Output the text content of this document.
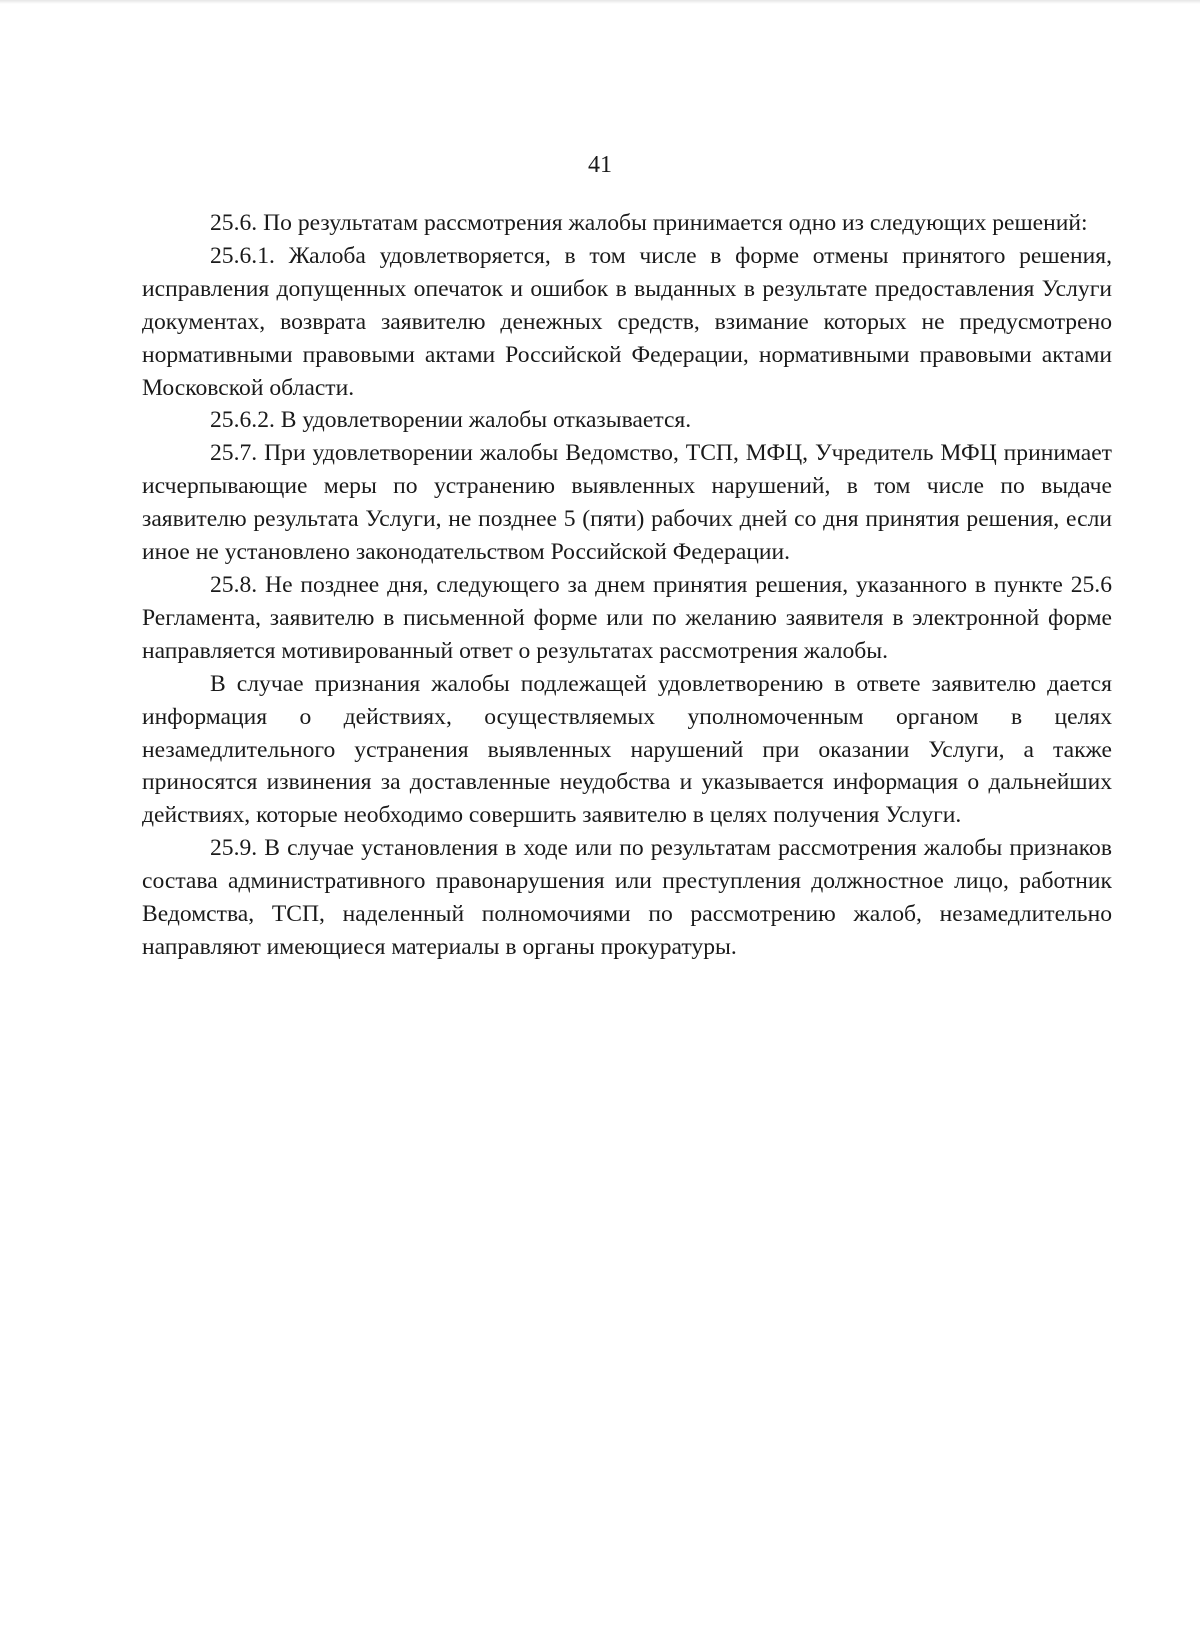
41

25.6. По результатам рассмотрения жалобы принимается одно из следующих решений:

25.6.1. Жалоба удовлетворяется, в том числе в форме отмены принятого решения, исправления допущенных опечаток и ошибок в выданных в результате предоставления Услуги документах, возврата заявителю денежных средств, взимание которых не предусмотрено нормативными правовыми актами Российской Федерации, нормативными правовыми актами Московской области.

25.6.2. В удовлетворении жалобы отказывается.

25.7. При удовлетворении жалобы Ведомство, ТСП, МФЦ, Учредитель МФЦ принимает исчерпывающие меры по устранению выявленных нарушений, в том числе по выдаче заявителю результата Услуги, не позднее 5 (пяти) рабочих дней со дня принятия решения, если иное не установлено законодательством Российской Федерации.

25.8. Не позднее дня, следующего за днем принятия решения, указанного в пункте 25.6 Регламента, заявителю в письменной форме или по желанию заявителя в электронной форме направляется мотивированный ответ о результатах рассмотрения жалобы.

В случае признания жалобы подлежащей удовлетворению в ответе заявителю дается информация о действиях, осуществляемых уполномоченным органом в целях незамедлительного устранения выявленных нарушений при оказании Услуги, а также приносятся извинения за доставленные неудобства и указывается информация о дальнейших действиях, которые необходимо совершить заявителю в целях получения Услуги.

25.9. В случае установления в ходе или по результатам рассмотрения жалобы признаков состава административного правонарушения или преступления должностное лицо, работник Ведомства, ТСП, наделенный полномочиями по рассмотрению жалоб, незамедлительно направляют имеющиеся материалы в органы прокуратуры.
